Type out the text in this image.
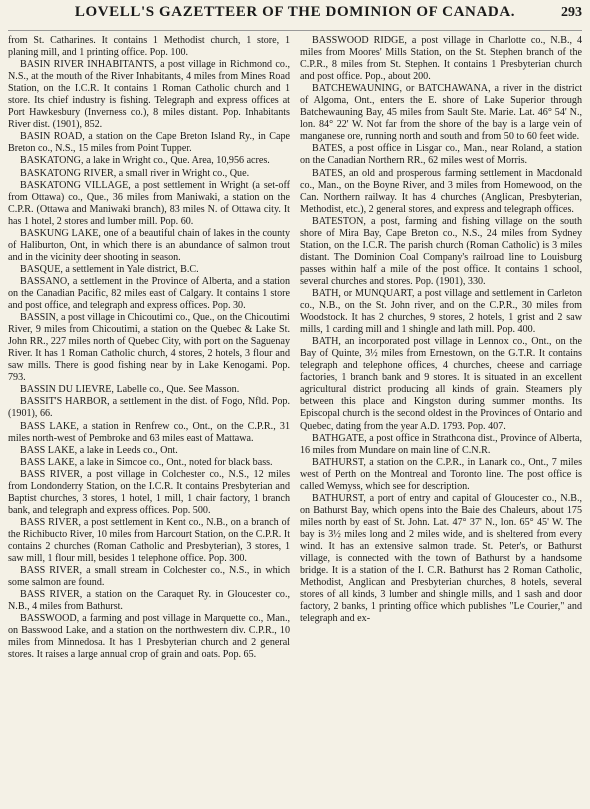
LOVELL'S GAZETTEER OF THE DOMINION OF CANADA.	293

from St. Catharines. It contains 1 Methodist church, 1 store, 1 planing mill, and 1 printing office. Pop. 100.

BASIN RIVER INHABITANTS, a post village in Richmond co., N.S., at the mouth of the River Inhabitants, 4 miles from Mines Road Station, on the I.C.R. It contains 1 Roman Catholic church and 1 store. Its chief industry is fishing. Telegraph and express offices at Port Hawkesbury (Inverness co.), 8 miles distant. Pop. Inhabitants River dist. (1901), 852.

BASIN ROAD, a station on the Cape Breton Island Ry., in Cape Breton co., N.S., 15 miles from Point Tupper.

BASKATONG, a lake in Wright co., Que. Area, 10,956 acres.

BASKATONG RIVER, a small river in Wright co., Que.

BASKATONG VILLAGE, a post settlement in Wright (a set-off from Ottawa) co., Que., 36 miles from Maniwaki, a station on the C.P.R. (Ottawa and Maniwaki branch), 83 miles N. of Ottawa city. It has 1 hotel, 2 stores and lumber mill. Pop. 60.

BASKUNG LAKE, one of a beautiful chain of lakes in the county of Haliburton, Ont, in which there is an abundance of salmon trout and in the vicinity deer shooting in season.

BASQUE, a settlement in Yale district, B.C.

BASSANO, a settlement in the Province of Alberta, and a station on the Canadian Pacific, 82 miles east of Calgary. It contains 1 store and post office, and telegraph and express offices. Pop. 30.

BASSIN, a post village in Chicoutimi co., Que., on the Chicoutimi River, 9 miles from Chicoutimi, a station on the Quebec & Lake St. John RR., 227 miles north of Quebec City, with port on the Saguenay River. It has 1 Roman Catholic church, 4 stores, 2 hotels, 3 flour and saw mills. There is good fishing near by in Lake Kenogami. Pop. 793.

BASSIN DU LIEVRE, Labelle co., Que. See Masson.

BASSIT'S HARBOR, a settlement in the dist. of Fogo, Nfld. Pop. (1901), 66.

BASS LAKE, a station in Renfrew co., Ont., on the C.P.R., 31 miles north-west of Pembroke and 63 miles east of Mattawa.

BASS LAKE, a lake in Leeds co., Ont.

BASS LAKE, a lake in Simcoe co., Ont., noted for black bass.

BASS RIVER, a post village in Colchester co., N.S., 12 miles from Londonderry Station, on the I.C.R. It contains Presbyterian and Baptist churches, 3 stores, 1 hotel, 1 mill, 1 chair factory, 1 branch bank, and telegraph and express offices. Pop. 500.

BASS RIVER, a post settlement in Kent co., N.B., on a branch of the Richibucto River, 10 miles from Harcourt Station, on the C.P.R. It contains 2 churches (Roman Catholic and Presbyterian), 3 stores, 1 saw mill, 1 flour mill, besides 1 telephone office. Pop. 300.

BASS RIVER, a small stream in Colchester co., N.S., in which some salmon are found.

BASS RIVER, a station on the Caraquet Ry. in Gloucester co., N.B., 4 miles from Bathurst.

BASSWOOD, a farming and post village in Marquette co., Man., on Basswood Lake, and a station on the northwestern div. C.P.R., 10 miles from Minnedosa. It has 1 Presbyterian church and 2 general stores. It raises a large annual crop of grain and oats. Pop. 65.

BASSWOOD RIDGE, a post village in Charlotte co., N.B., 4 miles from Moores' Mills Station, on the St. Stephen branch of the C.P.R., 8 miles from St. Stephen. It contains 1 Presbyterian church and post office. Pop., about 200.

BATCHEWAUNING, or BATCHAWANA, a river in the district of Algoma, Ont., enters the E. shore of Lake Superior through Batchewauning Bay, 45 miles from Sault Ste. Marie. Lat. 46° 54' N., lon. 84° 22' W. Not far from the shore of the bay is a large vein of manganese ore, running north and south and from 50 to 60 feet wide.

BATES, a post office in Lisgar co., Man., near Roland, a station on the Canadian Northern RR., 62 miles west of Morris.

BATES, an old and prosperous farming settlement in Macdonald co., Man., on the Boyne River, and 3 miles from Homewood, on the Can. Northern railway. It has 4 churches (Anglican, Presbyterian, Methodist, etc.), 2 general stores, and express and telegraph offices.

BATESTON, a post, farming and fishing village on the south shore of Mira Bay, Cape Breton co., N.S., 24 miles from Sydney Station, on the I.C.R. The parish church (Roman Catholic) is 3 miles distant. The Dominion Coal Company's railroad line to Louisburg passes within half a mile of the post office. It contains 1 school, several churches and stores. Pop. (1901), 330.

BATH, or MUNQUART, a post village and settlement in Carleton co., N.B., on the St. John river, and on the C.P.R., 30 miles from Woodstock. It has 2 churches, 9 stores, 2 hotels, 1 grist and 2 saw mills, 1 carding mill and 1 shingle and lath mill. Pop. 400.

BATH, an incorporated post village in Lennox co., Ont., on the Bay of Quinte, 3½ miles from Ernestown, on the G.T.R. It contains telegraph and telephone offices, 4 churches, cheese and carriage factories, 1 branch bank and 9 stores. It is situated in an excellent agricultural district producing all kinds of grain. Steamers ply between this place and Kingston during summer months. Its Episcopal church is the second oldest in the Provinces of Ontario and Quebec, dating from the year A.D. 1793. Pop. 407.

BATHGATE, a post office in Strathcona dist., Province of Alberta, 16 miles from Mundare on main line of C.N.R.

BATHURST, a station on the C.P.R., in Lanark co., Ont., 7 miles west of Perth on the Montreal and Toronto line. The post office is called Wemyss, which see for description.

BATHURST, a port of entry and capital of Gloucester co., N.B., on Bathurst Bay, which opens into the Baie des Chaleurs, about 175 miles north by east of St. John. Lat. 47° 37' N., lon. 65° 45' W. The bay is 3½ miles long and 2 miles wide, and is sheltered from every wind. It has an extensive salmon trade. St. Peter's, or Bathurst village, is connected with the town of Bathurst by a handsome bridge. It is a station of the I. C.R. Bathurst has 2 Roman Catholic, Methodist, Anglican and Presbyterian churches, 8 hotels, several stores of all kinds, 3 lumber and shingle mills, and 1 sash and door factory, 2 banks, 1 printing office which publishes "Le Courier," and telegraph and ex-
